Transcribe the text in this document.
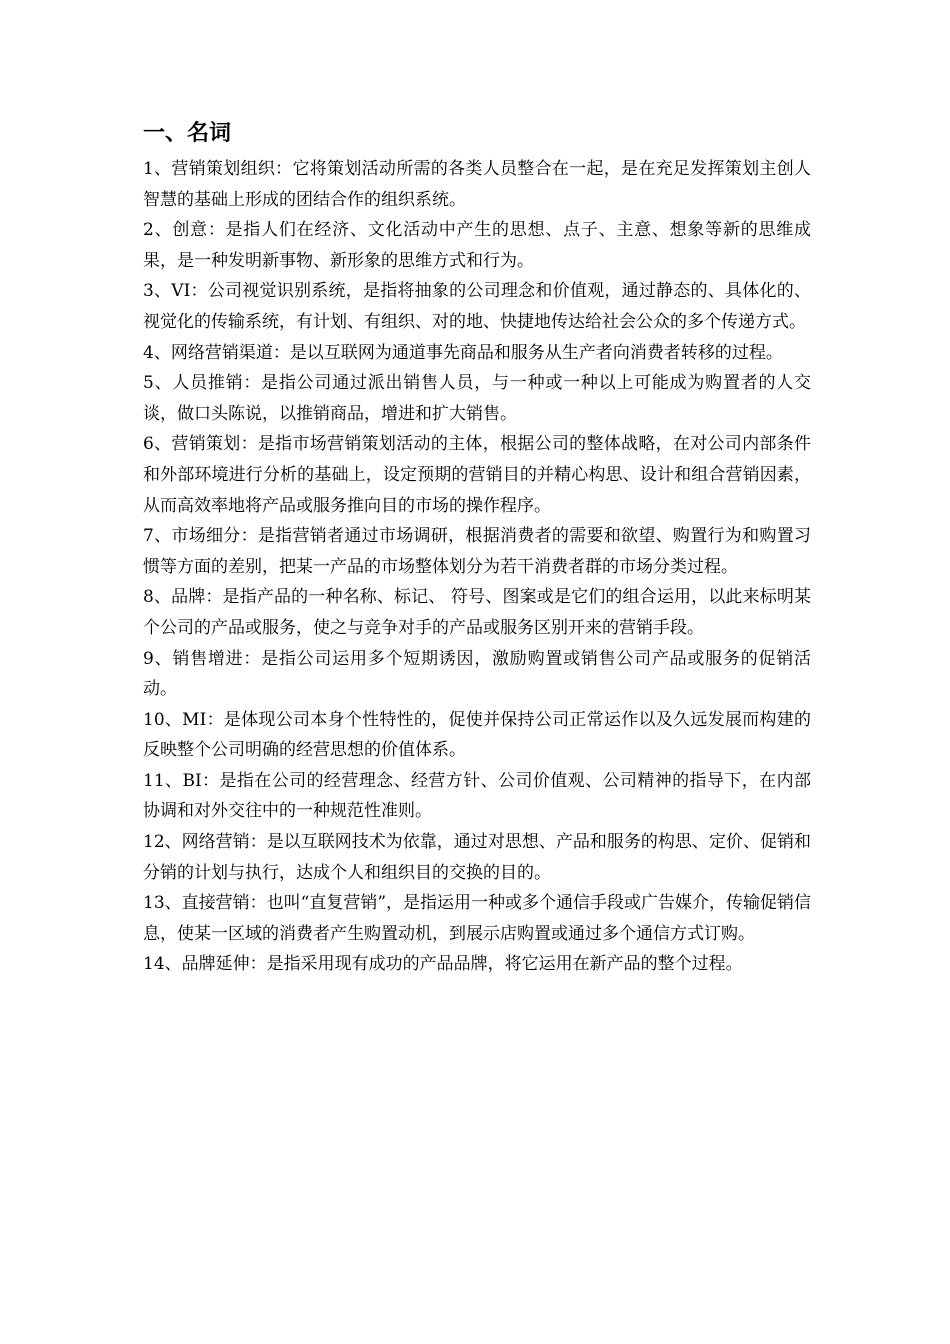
一、名词
1、营销策划组织：它将策划活动所需的各类人员整合在一起，是在充足发挥策划主创人智慧的基础上形成的团结合作的组织系统。
2、创意：是指人们在经济、文化活动中产生的思想、点子、主意、想象等新的思维成果，是一种发明新事物、新形象的思维方式和行为。
3、VI：公司视觉识别系统，是指将抽象的公司理念和价值观，通过静态的、具体化的、视觉化的传输系统，有计划、有组织、对的地、快捷地传达给社会公众的多个传递方式。
4、网络营销渠道：是以互联网为通道事先商品和服务从生产者向消费者转移的过程。
5、人员推销：是指公司通过派出销售人员，与一种或一种以上可能成为购置者的人交谈，做口头陈说，以推销商品，增进和扩大销售。
6、营销策划：是指市场营销策划活动的主体，根据公司的整体战略，在对公司内部条件和外部环境进行分析的基础上，设定预期的营销目的并精心构思、设计和组合营销因素，从而高效率地将产品或服务推向目的市场的操作程序。
7、市场细分：是指营销者通过市场调研，根据消费者的需要和欲望、购置行为和购置习惯等方面的差别，把某一产品的市场整体划分为若干消费者群的市场分类过程。
8、品牌：是指产品的一种名称、标记、 符号、图案或是它们的组合运用，以此来标明某个公司的产品或服务，使之与竞争对手的产品或服务区别开来的营销手段。
9、销售增进：是指公司运用多个短期诱因，激励购置或销售公司产品或服务的促销活动。
10、MI：是体现公司本身个性特性的，促使并保持公司正常运作以及久远发展而构建的反映整个公司明确的经营思想的价值体系。
11、BI：是指在公司的经营理念、经营方针、公司价值观、公司精神的指导下，在内部协调和对外交往中的一种规范性准则。
12、网络营销：是以互联网技术为依靠，通过对思想、产品和服务的构思、定价、促销和分销的计划与执行，达成个人和组织目的交换的目的。
13、直接营销：也叫“直复营销”，是指运用一种或多个通信手段或广告媒介，传输促销信息，使某一区域的消费者产生购置动机，到展示店购置或通过多个通信方式订购。
14、品牌延伸：是指采用现有成功的产品品牌，将它运用在新产品的整个过程。
